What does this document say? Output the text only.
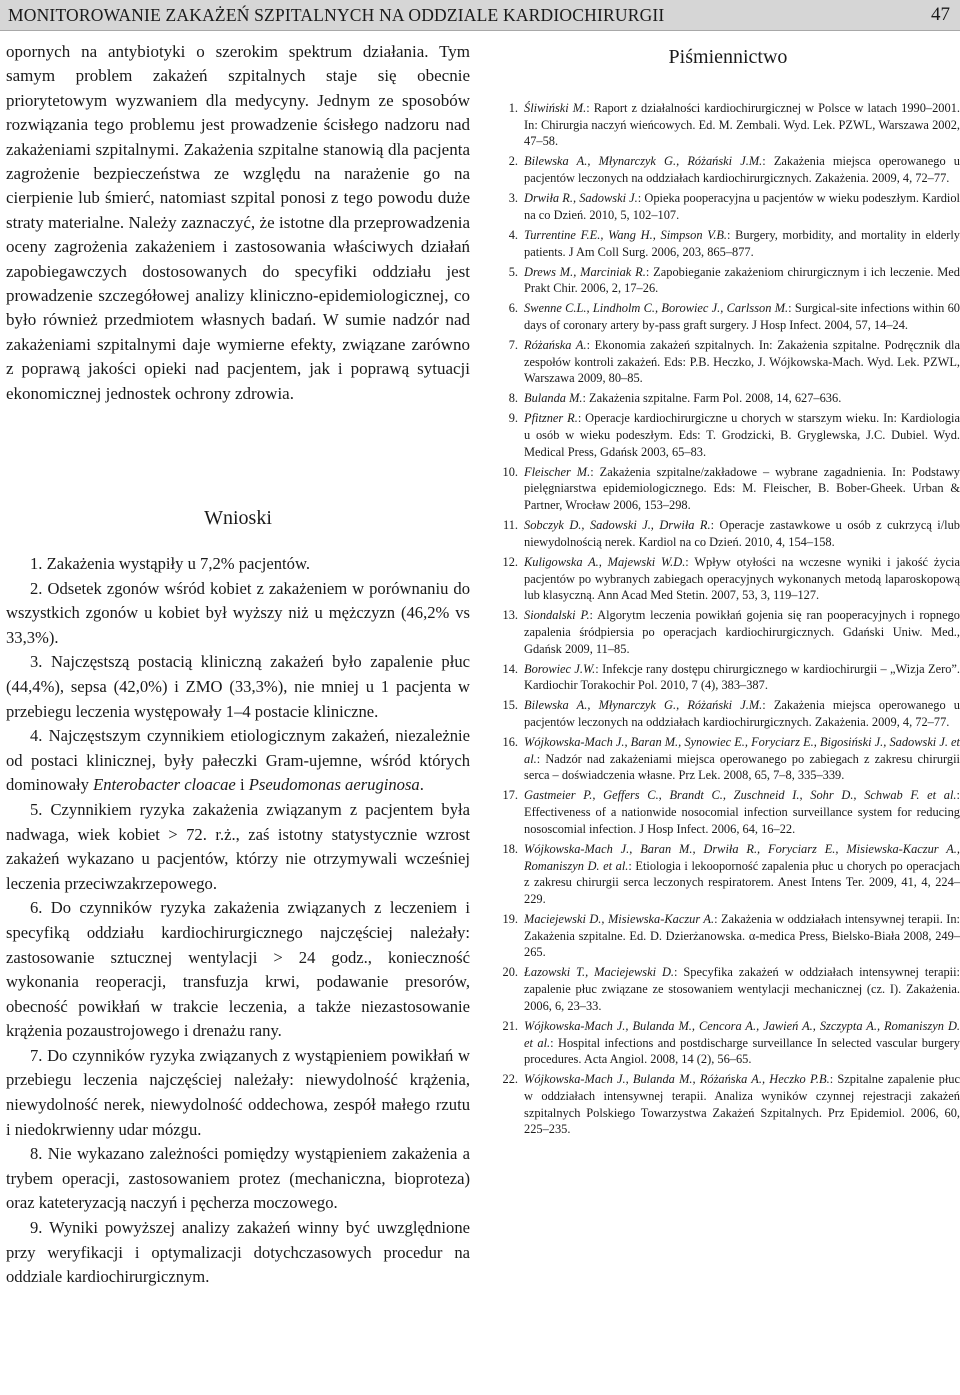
MONITOROWANIE ZAKAŻEŃ SZPITALNYCH NA ODDZIALE KARDIOCHIRURGII	47

opornych na antybiotyki o szerokim spektrum działania. Tym samym problem zakażeń szpitalnych staje się obecnie priorytetowym wyzwaniem dla medycyny. Jednym ze sposobów rozwiązania tego problemu jest prowadzenie ścisłego nadzoru nad zakażeniami szpitalnymi. Zakażenia szpitalne stanowią dla pacjenta zagrożenie bezpieczeństwa ze względu na narażenie go na cierpienie lub śmierć, natomiast szpital ponosi z tego powodu duże straty materialne. Należy zaznaczyć, że istotne dla przeprowadzenia oceny zagrożenia zakażeniem i zastosowania właściwych działań zapobiegawczych dostosowanych do specyfiki oddziału jest prowadzenie szczegółowej analizy kliniczno-epidemiologicznej, co było również przedmiotem własnych badań. W sumie nadzór nad zakażeniami szpitalnymi daje wymierne efekty, związane zarówno z poprawą jakości opieki nad pacjentem, jak i poprawą sytuacji ekonomicznej jednostek ochrony zdrowia.

Wnioski

1. Zakażenia wystąpiły u 7,2% pacjentów.

2. Odsetek zgonów wśród kobiet z zakażeniem w porównaniu do wszystkich zgonów u kobiet był wyższy niż u mężczyzn (46,2% vs 33,3%).

3. Najczęstszą postacią kliniczną zakażeń było zapalenie płuc (44,4%), sepsa (42,0%) i ZMO (33,3%), nie mniej u 1 pacjenta w przebiegu leczenia występowały 1–4 postacie kliniczne.

4. Najczęstszym czynnikiem etiologicznym zakażeń, niezależnie od postaci klinicznej, były pałeczki Gram-ujemne, wśród których dominowały Enterobacter cloacae i Pseudomonas aeruginosa.

5. Czynnikiem ryzyka zakażenia związanym z pacjentem była nadwaga, wiek kobiet > 72. r.ż., zaś istotny statystycznie wzrost zakażeń wykazano u pacjentów, którzy nie otrzymywali wcześniej leczenia przeciwzakrzepowego.

6. Do czynników ryzyka zakażenia związanych z leczeniem i specyfiką oddziału kardiochirurgicznego najczęściej należały: zastosowanie sztucznej wentylacji > 24 godz., konieczność wykonania reoperacji, transfuzja krwi, podawanie presorów, obecność powikłań w trakcie leczenia, a także niezastosowanie krążenia pozaustrojowego i drenażu rany.

7. Do czynników ryzyka związanych z wystąpieniem powikłań w przebiegu leczenia najczęściej należały: niewydolność krążenia, niewydolność nerek, niewydolność oddechowa, zespół małego rzutu i niedokrwienny udar mózgu.

8. Nie wykazano zależności pomiędzy wystąpieniem zakażenia a trybem operacji, zastosowaniem protez (mechaniczna, bioproteza) oraz kateteryzacją naczyń i pęcherza moczowego.

9. Wyniki powyższej analizy zakażeń winny być uwzględnione przy weryfikacji i optymalizacji dotychczasowych procedur na oddziale kardiochirurgicznym.

Piśmiennictwo
1. Śliwiński M.: Raport z działalności kardiochirurgicznej w Polsce w latach 1990–2001. In: Chirurgia naczyń wieńcowych. Ed. M. Zembali. Wyd. Lek. PZWL, Warszawa 2002, 47–58.
2. Bilewska A., Młynarczyk G., Różański J.M.: Zakażenia miejsca operowanego u pacjentów leczonych na oddziałach kardiochirurgicznych. Zakażenia. 2009, 4, 72–77.
3. Drwiła R., Sadowski J.: Opieka pooperacyjna u pacjentów w wieku podeszłym. Kardiol na co Dzień. 2010, 5, 102–107.
4. Turrentine F.E., Wang H., Simpson V.B.: Burgery, morbidity, and mortality in elderly patients. J Am Coll Surg. 2006, 203, 865–877.
5. Drews M., Marciniak R.: Zapobieganie zakażeniom chirurgicznym i ich leczenie. Med Prakt Chir. 2006, 2, 17–26.
6. Swenne C.L., Lindholm C., Borowiec J., Carlsson M.: Surgical-site infections within 60 days of coronary artery by-pass graft surgery. J Hosp Infect. 2004, 57, 14–24.
7. Różańska A.: Ekonomia zakażeń szpitalnych. In: Zakażenia szpitalne. Podręcznik dla zespołów kontroli zakażeń. Eds: P.B. Heczko, J. Wójkowska-Mach. Wyd. Lek. PZWL, Warszawa 2009, 80–85.
8. Bulanda M.: Zakażenia szpitalne. Farm Pol. 2008, 14, 627–636.
9. Pfitzner R.: Operacje kardiochirurgiczne u chorych w starszym wieku. In: Kardiologia u osób w wieku podeszłym. Eds: T. Grodzicki, B. Gryglewska, J.C. Dubiel. Wyd. Medical Press, Gdańsk 2003, 65–83.
10. Fleischer M.: Zakażenia szpitalne/zakładowe – wybrane zagadnienia. In: Podstawy pielęgniarstwa epidemiologicznego. Eds: M. Fleischer, B. Bober-Gheek. Urban & Partner, Wrocław 2006, 153–298.
11. Sobczyk D., Sadowski J., Drwiła R.: Operacje zastawkowe u osób z cukrzycą i/lub niewydolnością nerek. Kardiol na co Dzień. 2010, 4, 154–158.
12. Kuligowska A., Majewski W.D.: Wpływ otyłości na wczesne wyniki i jakość życia pacjentów po wybranych zabiegach operacyjnych wykonanych metodą laparoskopową lub klasyczną. Ann Acad Med Stetin. 2007, 53, 3, 119–127.
13. Siondalski P.: Algorytm leczenia powikłań gojenia się ran pooperacyjnych i ropnego zapalenia śródpiersia po operacjach kardiochirurgicznych. Gdański Uniw. Med., Gdańsk 2009, 11–85.
14. Borowiec J.W.: Infekcje rany dostępu chirurgicznego w kardiochirurgii – „Wizja Zero”. Kardiochir Torakochir Pol. 2010, 7 (4), 383–387.
15. Bilewska A., Młynarczyk G., Różański J.M.: Zakażenia miejsca operowanego u pacjentów leczonych na oddziałach kardiochirurgicznych. Zakażenia. 2009, 4, 72–77.
16. Wójkowska-Mach J., Baran M., Synowiec E., Foryciarz E., Bigosiński J., Sadowski J. et al.: Nadzór nad zakażeniami miejsca operowanego po zabiegach z zakresu chirurgii serca – doświadczenia własne. Prz Lek. 2008, 65, 7–8, 335–339.
17. Gastmeier P., Geffers C., Brandt C., Zuschneid I., Sohr D., Schwab F. et al.: Effectiveness of a nationwide nosocomial infection surveillance system for reducing nososcomial infection. J Hosp Infect. 2006, 64, 16–22.
18. Wójkowska-Mach J., Baran M., Drwiła R., Foryciarz E., Misiewska-Kaczur A., Romaniszyn D. et al.: Etiologia i lekooporność zapalenia płuc u chorych po operacjach z zakresu chirurgii serca leczonych respiratorem. Anest Intens Ter. 2009, 41, 4, 224–229.
19. Maciejewski D., Misiewska-Kaczur A.: Zakażenia w oddziałach intensywnej terapii. In: Zakażenia szpitalne. Ed. D. Dzierżanowska. α-medica Press, Bielsko-Biała 2008, 249–265.
20. Łazowski T., Maciejewski D.: Specyfika zakażeń w oddziałach intensywnej terapii: zapalenie płuc związane ze stosowaniem wentylacji mechanicznej (cz. I). Zakażenia. 2006, 6, 23–33.
21. Wójkowska-Mach J., Bulanda M., Cencora A., Jawień A., Szczypta A., Romaniszyn D. et al.: Hospital infections and postdischarge surveillance In selected vascular burgery procedures. Acta Angiol. 2008, 14 (2), 56–65.
22. Wójkowska-Mach J., Bulanda M., Różańska A., Heczko P.B.: Szpitalne zapalenie płuc w oddziałach intensywnej terapii. Analiza wyników czynnej rejestracji zakażeń szpitalnych Polskiego Towarzystwa Zakażeń Szpitalnych. Prz Epidemiol. 2006, 60, 225–235.
